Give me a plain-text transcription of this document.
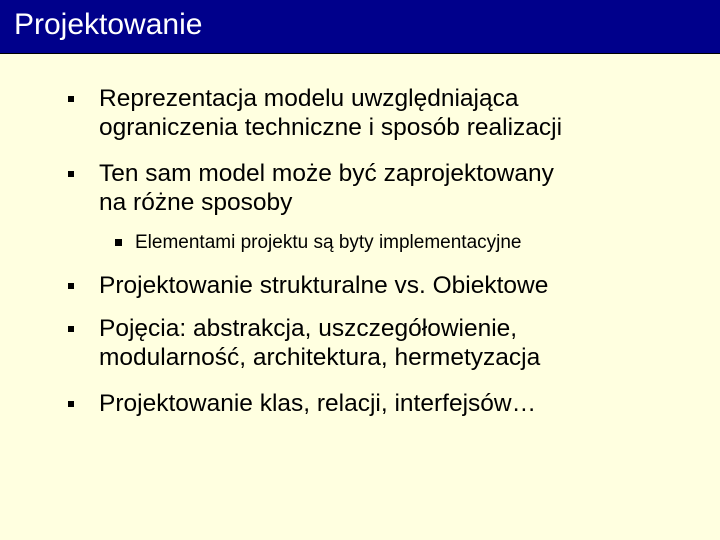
Projektowanie
Reprezentacja modelu uwzględniająca
ograniczenia techniczne i sposób realizacji
Ten sam model może być zaprojektowany
na różne sposoby
Elementami projektu są byty implementacyjne
Projektowanie strukturalne vs. Obiektowe
Pojęcia: abstrakcja, uszczegółowienie,
modularność, architektura, hermetyzacja
Projektowanie klas, relacji, interfejsów…
